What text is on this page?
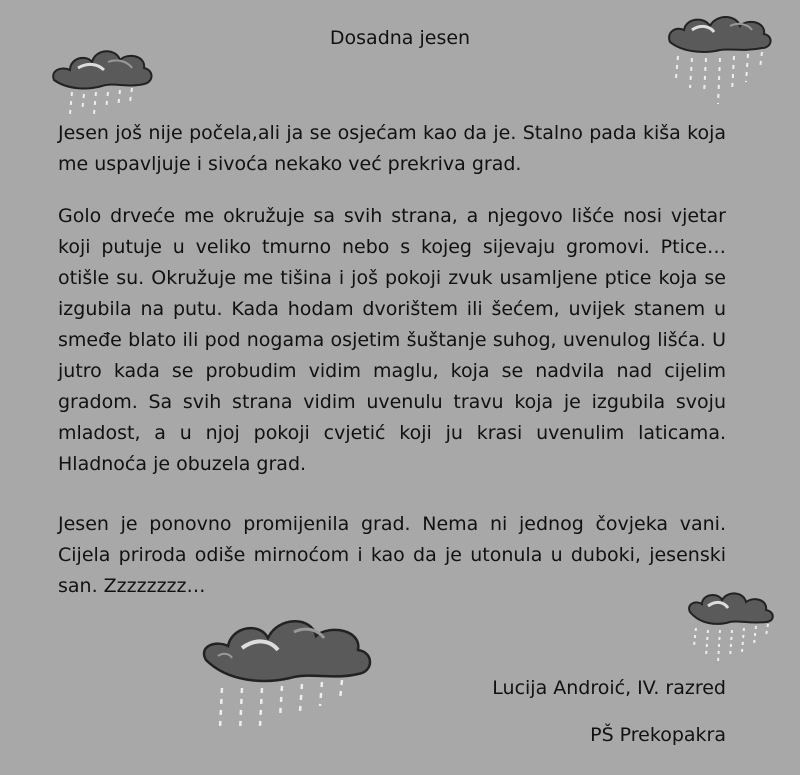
Dosadna jesen

Jesen još nije počela,ali ja se osjećam kao da je. Stalno pada kiša koja me uspavljuje i sivoća nekako već prekriva grad.

Golo drveće me okružuje sa svih strana, a njegovo lišće nosi vjetar koji putuje u veliko tmurno nebo s kojeg sijevaju gromovi. Ptice… otišle su. Okružuje me tišina i još pokoji zvuk usamljene ptice koja se izgubila na putu. Kada hodam dvorištem ili šećem, uvijek stanem u smeđe blato ili pod nogama osjetim šuštanje suhog, uvenulog lišća. U jutro kada se probudim vidim maglu, koja se nadvila nad cijelim gradom. Sa svih strana vidim uvenulu travu koja je izgubila svoju mladost, a u njoj pokoji cvjetić koji ju krasi uvenulim laticama. Hladnoća je obuzela grad.

Jesen je ponovno promijenila grad. Nema ni jednog čovjeka vani. Cijela priroda odiše mirnoćom i kao da je utonula u duboki, jesenski san. Zzzzzzzz…

Lucija Androić, IV. razred
PŠ Prekopakra
